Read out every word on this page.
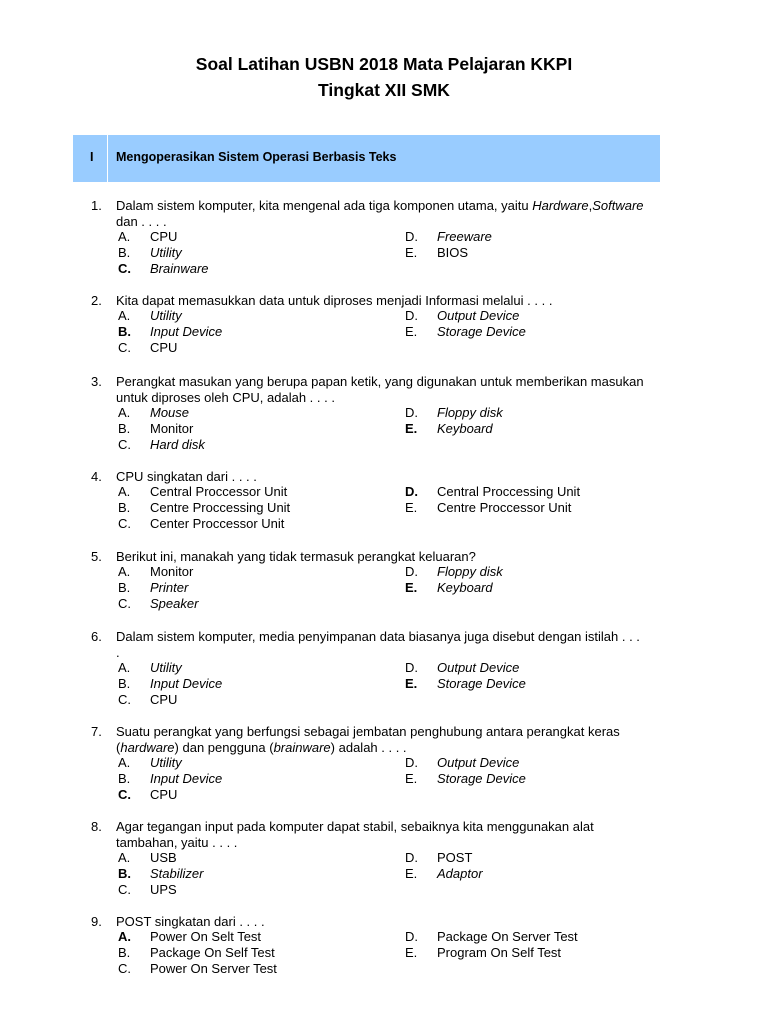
Soal Latihan USBN 2018 Mata Pelajaran KKPI
Tingkat XII SMK
I Mengoperasikan Sistem Operasi Berbasis Teks
1. Dalam sistem komputer, kita mengenal ada tiga komponen utama, yaitu Hardware,Software dan . . . .
A. CPU
B. Utility
C. Brainware
D. Freeware
E. BIOS
2. Kita dapat memasukkan data untuk diproses menjadi Informasi melalui . . . .
A. Utility
B. Input Device
C. CPU
D. Output Device
E. Storage Device
3. Perangkat masukan yang berupa papan ketik, yang digunakan untuk memberikan masukan untuk diproses oleh CPU, adalah . . . .
A. Mouse
B. Monitor
C. Hard disk
D. Floppy disk
E. Keyboard
4. CPU singkatan dari . . . .
A. Central Proccessor Unit
B. Centre Proccessing Unit
C. Center Proccessor Unit
D. Central Proccessing Unit
E. Centre Proccessor Unit
5. Berikut ini, manakah yang tidak termasuk perangkat keluaran?
A. Monitor
B. Printer
C. Speaker
D. Floppy disk
E. Keyboard
6. Dalam sistem komputer, media penyimpanan data biasanya juga disebut dengan istilah . . . .
A. Utility
B. Input Device
C. CPU
D. Output Device
E. Storage Device
7. Suatu perangkat yang berfungsi sebagai jembatan penghubung antara perangkat keras (hardware) dan pengguna (brainware) adalah . . . .
A. Utility
B. Input Device
C. CPU
D. Output Device
E. Storage Device
8. Agar tegangan input pada komputer dapat stabil, sebaiknya kita menggunakan alat tambahan, yaitu . . . .
A. USB
B. Stabilizer
C. UPS
D. POST
E. Adaptor
9. POST singkatan dari . . . .
A. Power On Selt Test
B. Package On Self Test
C. Power On Server Test
D. Package On Server Test
E. Program On Self Test
